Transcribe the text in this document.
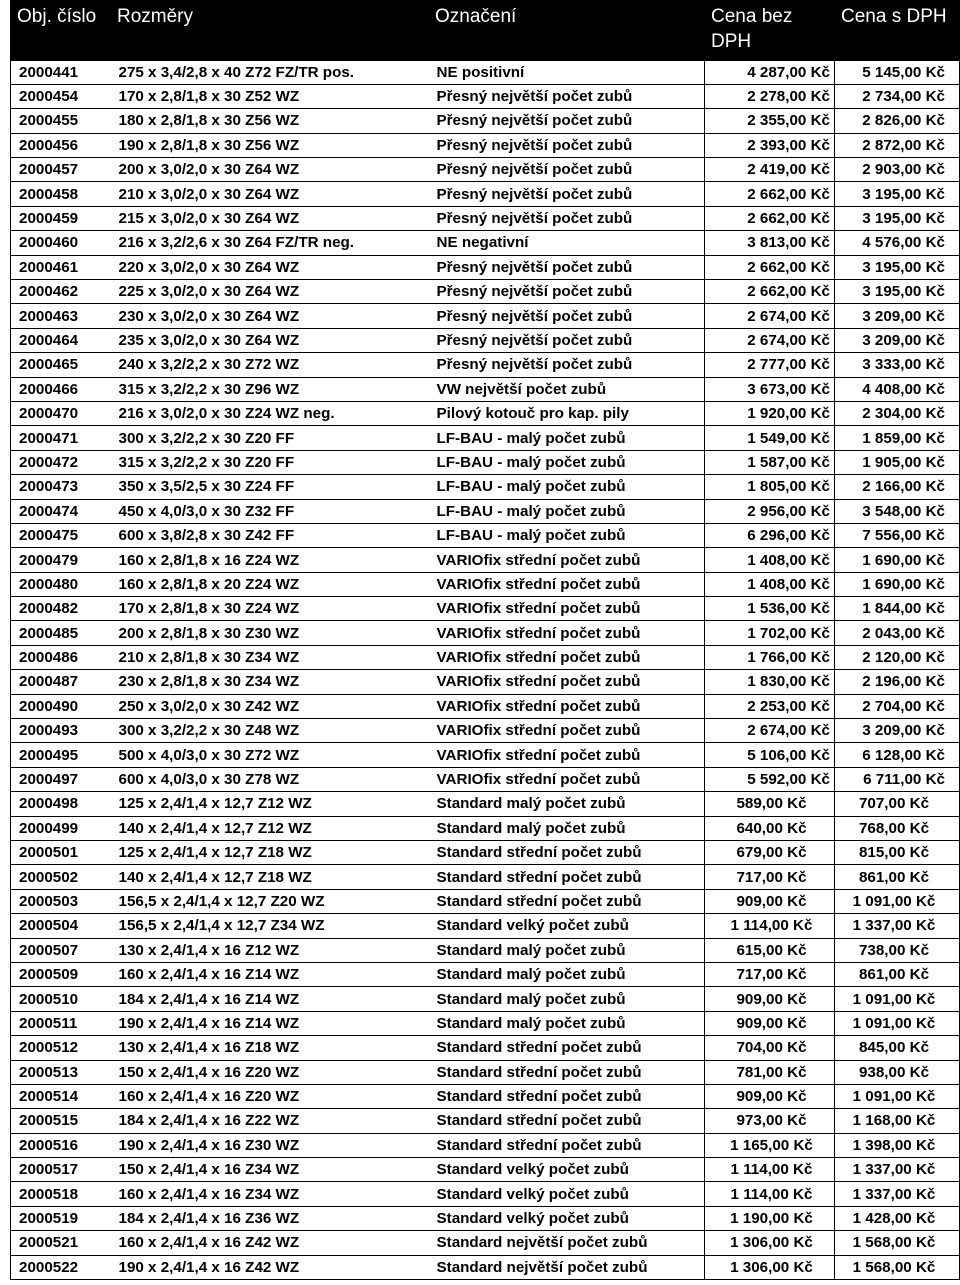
Obj. číslo	Rozměry	Označení	Cena bez DPH	Cena s DPH
2000441	275 x 3,4/2,8 x 40 Z72 FZ/TR pos.	NE positivní	4 287,00 Kč	5 145,00 Kč
2000454	170 x 2,8/1,8 x 30 Z52 WZ	Přesný největší počet zubů	2 278,00 Kč	2 734,00 Kč
2000455	180 x 2,8/1,8 x 30 Z56 WZ	Přesný největší počet zubů	2 355,00 Kč	2 826,00 Kč
2000456	190 x 2,8/1,8 x 30 Z56 WZ	Přesný největší počet zubů	2 393,00 Kč	2 872,00 Kč
2000457	200 x 3,0/2,0 x 30 Z64 WZ	Přesný největší počet zubů	2 419,00 Kč	2 903,00 Kč
2000458	210 x 3,0/2,0 x 30 Z64 WZ	Přesný největší počet zubů	2 662,00 Kč	3 195,00 Kč
2000459	215 x 3,0/2,0 x 30 Z64 WZ	Přesný největší počet zubů	2 662,00 Kč	3 195,00 Kč
2000460	216 x 3,2/2,6 x 30 Z64 FZ/TR neg.	NE negativní	3 813,00 Kč	4 576,00 Kč
2000461	220 x 3,0/2,0 x 30 Z64 WZ	Přesný největší počet zubů	2 662,00 Kč	3 195,00 Kč
2000462	225 x 3,0/2,0 x 30 Z64 WZ	Přesný největší počet zubů	2 662,00 Kč	3 195,00 Kč
2000463	230 x 3,0/2,0 x 30 Z64 WZ	Přesný největší počet zubů	2 674,00 Kč	3 209,00 Kč
2000464	235 x 3,0/2,0 x 30 Z64 WZ	Přesný největší počet zubů	2 674,00 Kč	3 209,00 Kč
2000465	240 x 3,2/2,2 x 30 Z72 WZ	Přesný největší počet zubů	2 777,00 Kč	3 333,00 Kč
2000466	315 x 3,2/2,2 x 30 Z96 WZ	VW největší počet zubů	3 673,00 Kč	4 408,00 Kč
2000470	216 x 3,0/2,0 x 30 Z24 WZ neg.	Pilový kotouč pro kap. pily	1 920,00 Kč	2 304,00 Kč
2000471	300 x 3,2/2,2 x 30 Z20 FF	LF-BAU - malý počet zubů	1 549,00 Kč	1 859,00 Kč
2000472	315 x 3,2/2,2 x 30 Z20 FF	LF-BAU - malý počet zubů	1 587,00 Kč	1 905,00 Kč
2000473	350 x 3,5/2,5 x 30 Z24 FF	LF-BAU - malý počet zubů	1 805,00 Kč	2 166,00 Kč
2000474	450 x 4,0/3,0 x 30 Z32 FF	LF-BAU - malý počet zubů	2 956,00 Kč	3 548,00 Kč
2000475	600 x 3,8/2,8 x 30 Z42 FF	LF-BAU - malý počet zubů	6 296,00 Kč	7 556,00 Kč
2000479	160 x 2,8/1,8 x 16 Z24 WZ	VARIOfix střední počet zubů	1 408,00 Kč	1 690,00 Kč
2000480	160 x 2,8/1,8 x 20 Z24 WZ	VARIOfix střední počet zubů	1 408,00 Kč	1 690,00 Kč
2000482	170 x 2,8/1,8 x 30 Z24 WZ	VARIOfix střední počet zubů	1 536,00 Kč	1 844,00 Kč
2000485	200 x 2,8/1,8 x 30 Z30 WZ	VARIOfix střední počet zubů	1 702,00 Kč	2 043,00 Kč
2000486	210 x 2,8/1,8 x 30 Z34 WZ	VARIOfix střední počet zubů	1 766,00 Kč	2 120,00 Kč
2000487	230 x 2,8/1,8 x 30 Z34 WZ	VARIOfix střední počet zubů	1 830,00 Kč	2 196,00 Kč
2000490	250 x 3,0/2,0 x 30 Z42 WZ	VARIOfix střední počet zubů	2 253,00 Kč	2 704,00 Kč
2000493	300 x 3,2/2,2 x 30 Z48 WZ	VARIOfix střední počet zubů	2 674,00 Kč	3 209,00 Kč
2000495	500 x 4,0/3,0 x 30 Z72 WZ	VARIOfix střední počet zubů	5 106,00 Kč	6 128,00 Kč
2000497	600 x 4,0/3,0 x 30 Z78 WZ	VARIOfix střední počet zubů	5 592,00 Kč	6 711,00 Kč
2000498	125 x 2,4/1,4 x 12,7 Z12 WZ	Standard malý počet zubů	589,00 Kč	707,00 Kč
2000499	140 x 2,4/1,4 x 12,7 Z12 WZ	Standard malý počet zubů	640,00 Kč	768,00 Kč
2000501	125 x 2,4/1,4 x 12,7 Z18 WZ	Standard střední počet zubů	679,00 Kč	815,00 Kč
2000502	140 x 2,4/1,4 x 12,7 Z18 WZ	Standard střední počet zubů	717,00 Kč	861,00 Kč
2000503	156,5 x 2,4/1,4 x 12,7 Z20 WZ	Standard střední počet zubů	909,00 Kč	1 091,00 Kč
2000504	156,5 x 2,4/1,4 x 12,7 Z34 WZ	Standard velký počet zubů	1 114,00 Kč	1 337,00 Kč
2000507	130 x 2,4/1,4 x 16 Z12 WZ	Standard malý počet zubů	615,00 Kč	738,00 Kč
2000509	160 x 2,4/1,4 x 16 Z14 WZ	Standard malý počet zubů	717,00 Kč	861,00 Kč
2000510	184 x 2,4/1,4 x 16 Z14 WZ	Standard malý počet zubů	909,00 Kč	1 091,00 Kč
2000511	190 x 2,4/1,4 x 16 Z14 WZ	Standard malý počet zubů	909,00 Kč	1 091,00 Kč
2000512	130 x 2,4/1,4 x 16 Z18 WZ	Standard střední počet zubů	704,00 Kč	845,00 Kč
2000513	150 x 2,4/1,4 x 16 Z20 WZ	Standard střední počet zubů	781,00 Kč	938,00 Kč
2000514	160 x 2,4/1,4 x 16 Z20 WZ	Standard střední počet zubů	909,00 Kč	1 091,00 Kč
2000515	184 x 2,4/1,4 x 16 Z22 WZ	Standard střední počet zubů	973,00 Kč	1 168,00 Kč
2000516	190 x 2,4/1,4 x 16 Z30 WZ	Standard střední počet zubů	1 165,00 Kč	1 398,00 Kč
2000517	150 x 2,4/1,4 x 16 Z34 WZ	Standard velký počet zubů	1 114,00 Kč	1 337,00 Kč
2000518	160 x 2,4/1,4 x 16 Z34 WZ	Standard velký počet zubů	1 114,00 Kč	1 337,00 Kč
2000519	184 x 2,4/1,4 x 16 Z36 WZ	Standard velký počet zubů	1 190,00 Kč	1 428,00 Kč
2000521	160 x 2,4/1,4 x 16 Z42 WZ	Standard největší počet zubů	1 306,00 Kč	1 568,00 Kč
2000522	190 x 2,4/1,4 x 16 Z42 WZ	Standard největší počet zubů	1 306,00 Kč	1 568,00 Kč
